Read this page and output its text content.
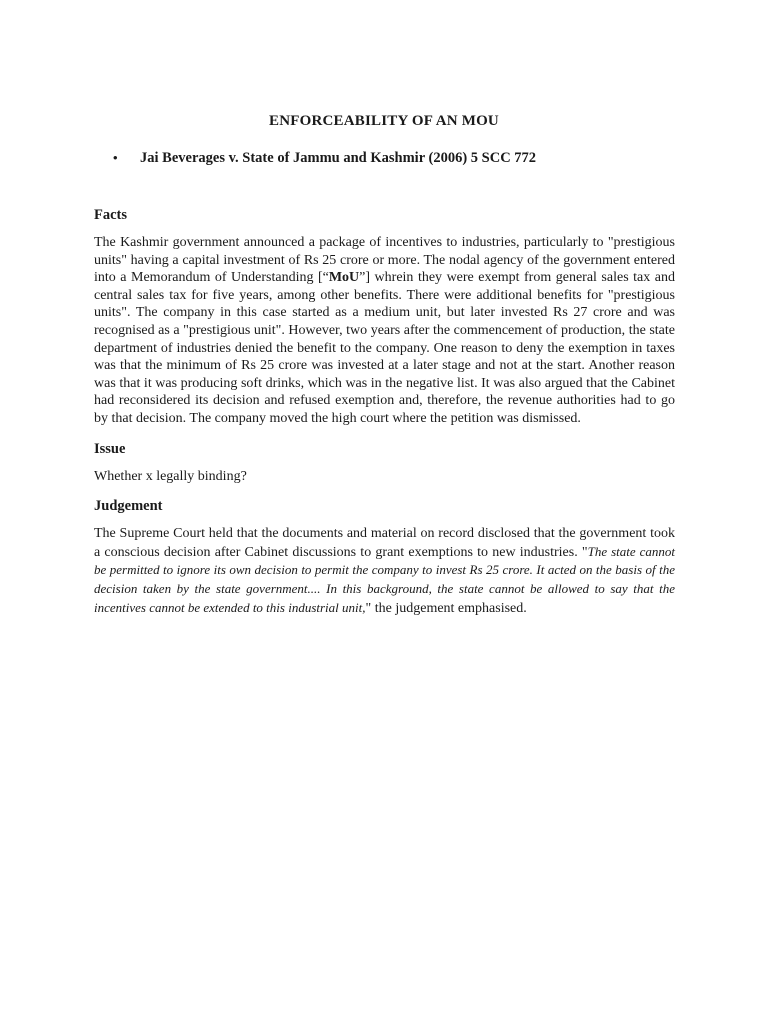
ENFORCEABILITY OF AN MOU
• Jai Beverages v. State of Jammu and Kashmir (2006) 5 SCC 772
Facts

The Kashmir government announced a package of incentives to industries, particularly to "prestigious units" having a capital investment of Rs 25 crore or more. The nodal agency of the government entered into a Memorandum of Understanding [“MoU”] whrein they were exempt from general sales tax and central sales tax for five years, among other benefits. There were additional benefits for "prestigious units". The company in this case started as a medium unit, but later invested Rs 27 crore and was recognised as a "prestigious unit". However, two years after the commencement of production, the state department of industries denied the benefit to the company. One reason to deny the exemption in taxes was that the minimum of Rs 25 crore was invested at a later stage and not at the start. Another reason was that it was producing soft drinks, which was in the negative list. It was also argued that the Cabinet had reconsidered its decision and refused exemption and, therefore, the revenue authorities had to go by that decision. The company moved the high court where the petition was dismissed.

Issue

Whether x legally binding?

Judgement

The Supreme Court held that the documents and material on record disclosed that the government took a conscious decision after Cabinet discussions to grant exemptions to new industries. "The state cannot be permitted to ignore its own decision to permit the company to invest Rs 25 crore. It acted on the basis of the decision taken by the state government.... In this background, the state cannot be allowed to say that the incentives cannot be extended to this industrial unit," the judgement emphasised.
